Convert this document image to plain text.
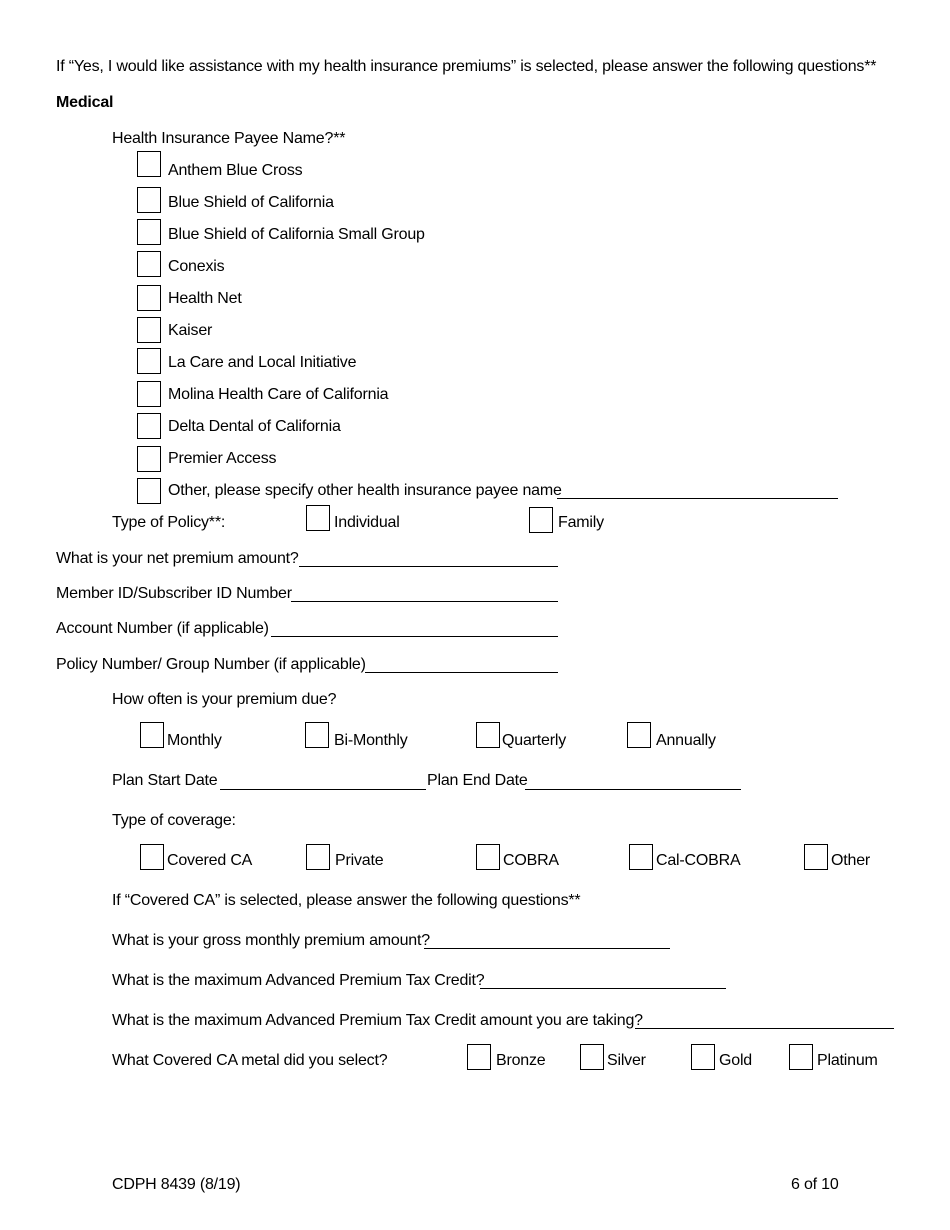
If “Yes, I would like assistance with my health insurance premiums” is selected, please answer the following questions**
Medical
Health Insurance Payee Name?**
Anthem Blue Cross
Blue Shield of California
Blue Shield of California Small Group
Conexis
Health Net
Kaiser
La Care and Local Initiative
Molina Health Care of California
Delta Dental of California
Premier Access
Other, please specify other health insurance payee name
Type of Policy**:	Individual	Family
What is your net premium amount?
Member ID/Subscriber ID Number
Account Number (if applicable)
Policy Number/ Group Number (if applicable)
How often is your premium due?
Monthly	Bi-Monthly	Quarterly	Annually
Plan Start Date	Plan End Date
Type of coverage:
Covered CA	Private	COBRA	Cal-COBRA	Other
If “Covered CA” is selected, please answer the following questions**
What is your gross monthly premium amount?
What is the maximum Advanced Premium Tax Credit?
What is the maximum Advanced Premium Tax Credit amount you are taking?
What Covered CA metal did you select?	Bronze	Silver	Gold	Platinum
CDPH 8439 (8/19)	6 of 10
